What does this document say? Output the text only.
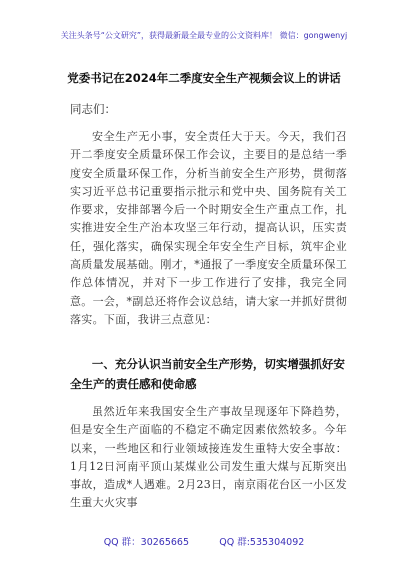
关注头条号“公文研究”，获得最新最全最专业的公文资料库！ 微信：gongwenyj
党委书记在2024年二季度安全生产视频会议上的讲话
同志们：

安全生产无小事，安全责任大于天。今天，我们召开二季度安全质量环保工作会议，主要目的是总结一季度安全质量环保工作，分析当前安全生产形势，贯彻落实习近平总书记重要指示批示和党中央、国务院有关工作要求，安排部署今后一个时期安全生产重点工作，扎实推进安全生产治本攻坚三年行动，提高认识，压实责任，强化落实，确保实现全年安全生产目标，筑牢企业高质量发展基础。刚才，*通报了一季度安全质量环保工作总体情况，并对下一步工作进行了安排，我完全同意。一会，*副总还将作会议总结，请大家一并抓好贯彻落实。下面，我讲三点意见：

一、充分认识当前安全生产形势，切实增强抓好安全生产的责任感和使命感

虽然近年来我国安全生产事故呈现逐年下降趋势，但是安全生产面临的不稳定不确定因素依然较多。今年以来，一些地区和行业领域接连发生重特大安全事故：1月12日河南平顶山某煤业公司发生重大煤与瓦斯突出事故，造成*人遇难。2月23日，南京雨花台区一小区发生重大火灾事

QQ 群：30265665	QQ 群:535304092
